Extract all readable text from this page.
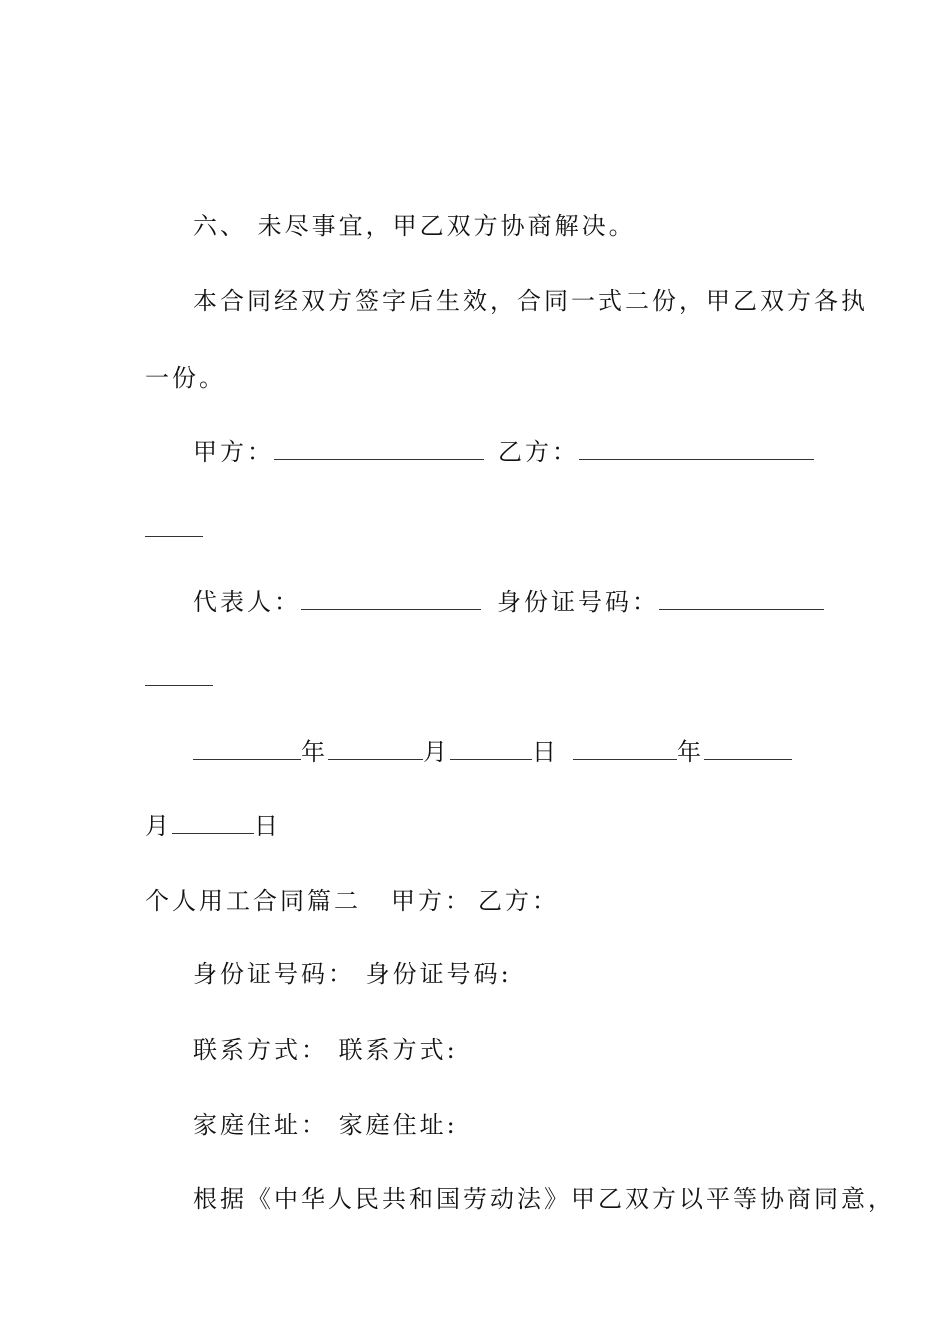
六、 未尽事宜，甲乙双方协商解决。
本合同经双方签字后生效，合同一式二份，甲乙双方各执
一份。
甲方：	乙方：
代表人：	身份证号码：
年	月	日	年
月	日
个人用工合同篇二 甲方： 乙方：
身份证号码： 身份证号码:
联系方式： 联系方式:
家庭住址： 家庭住址:
根据《中华人民共和国劳动法》甲乙双方以平等协商同意，
